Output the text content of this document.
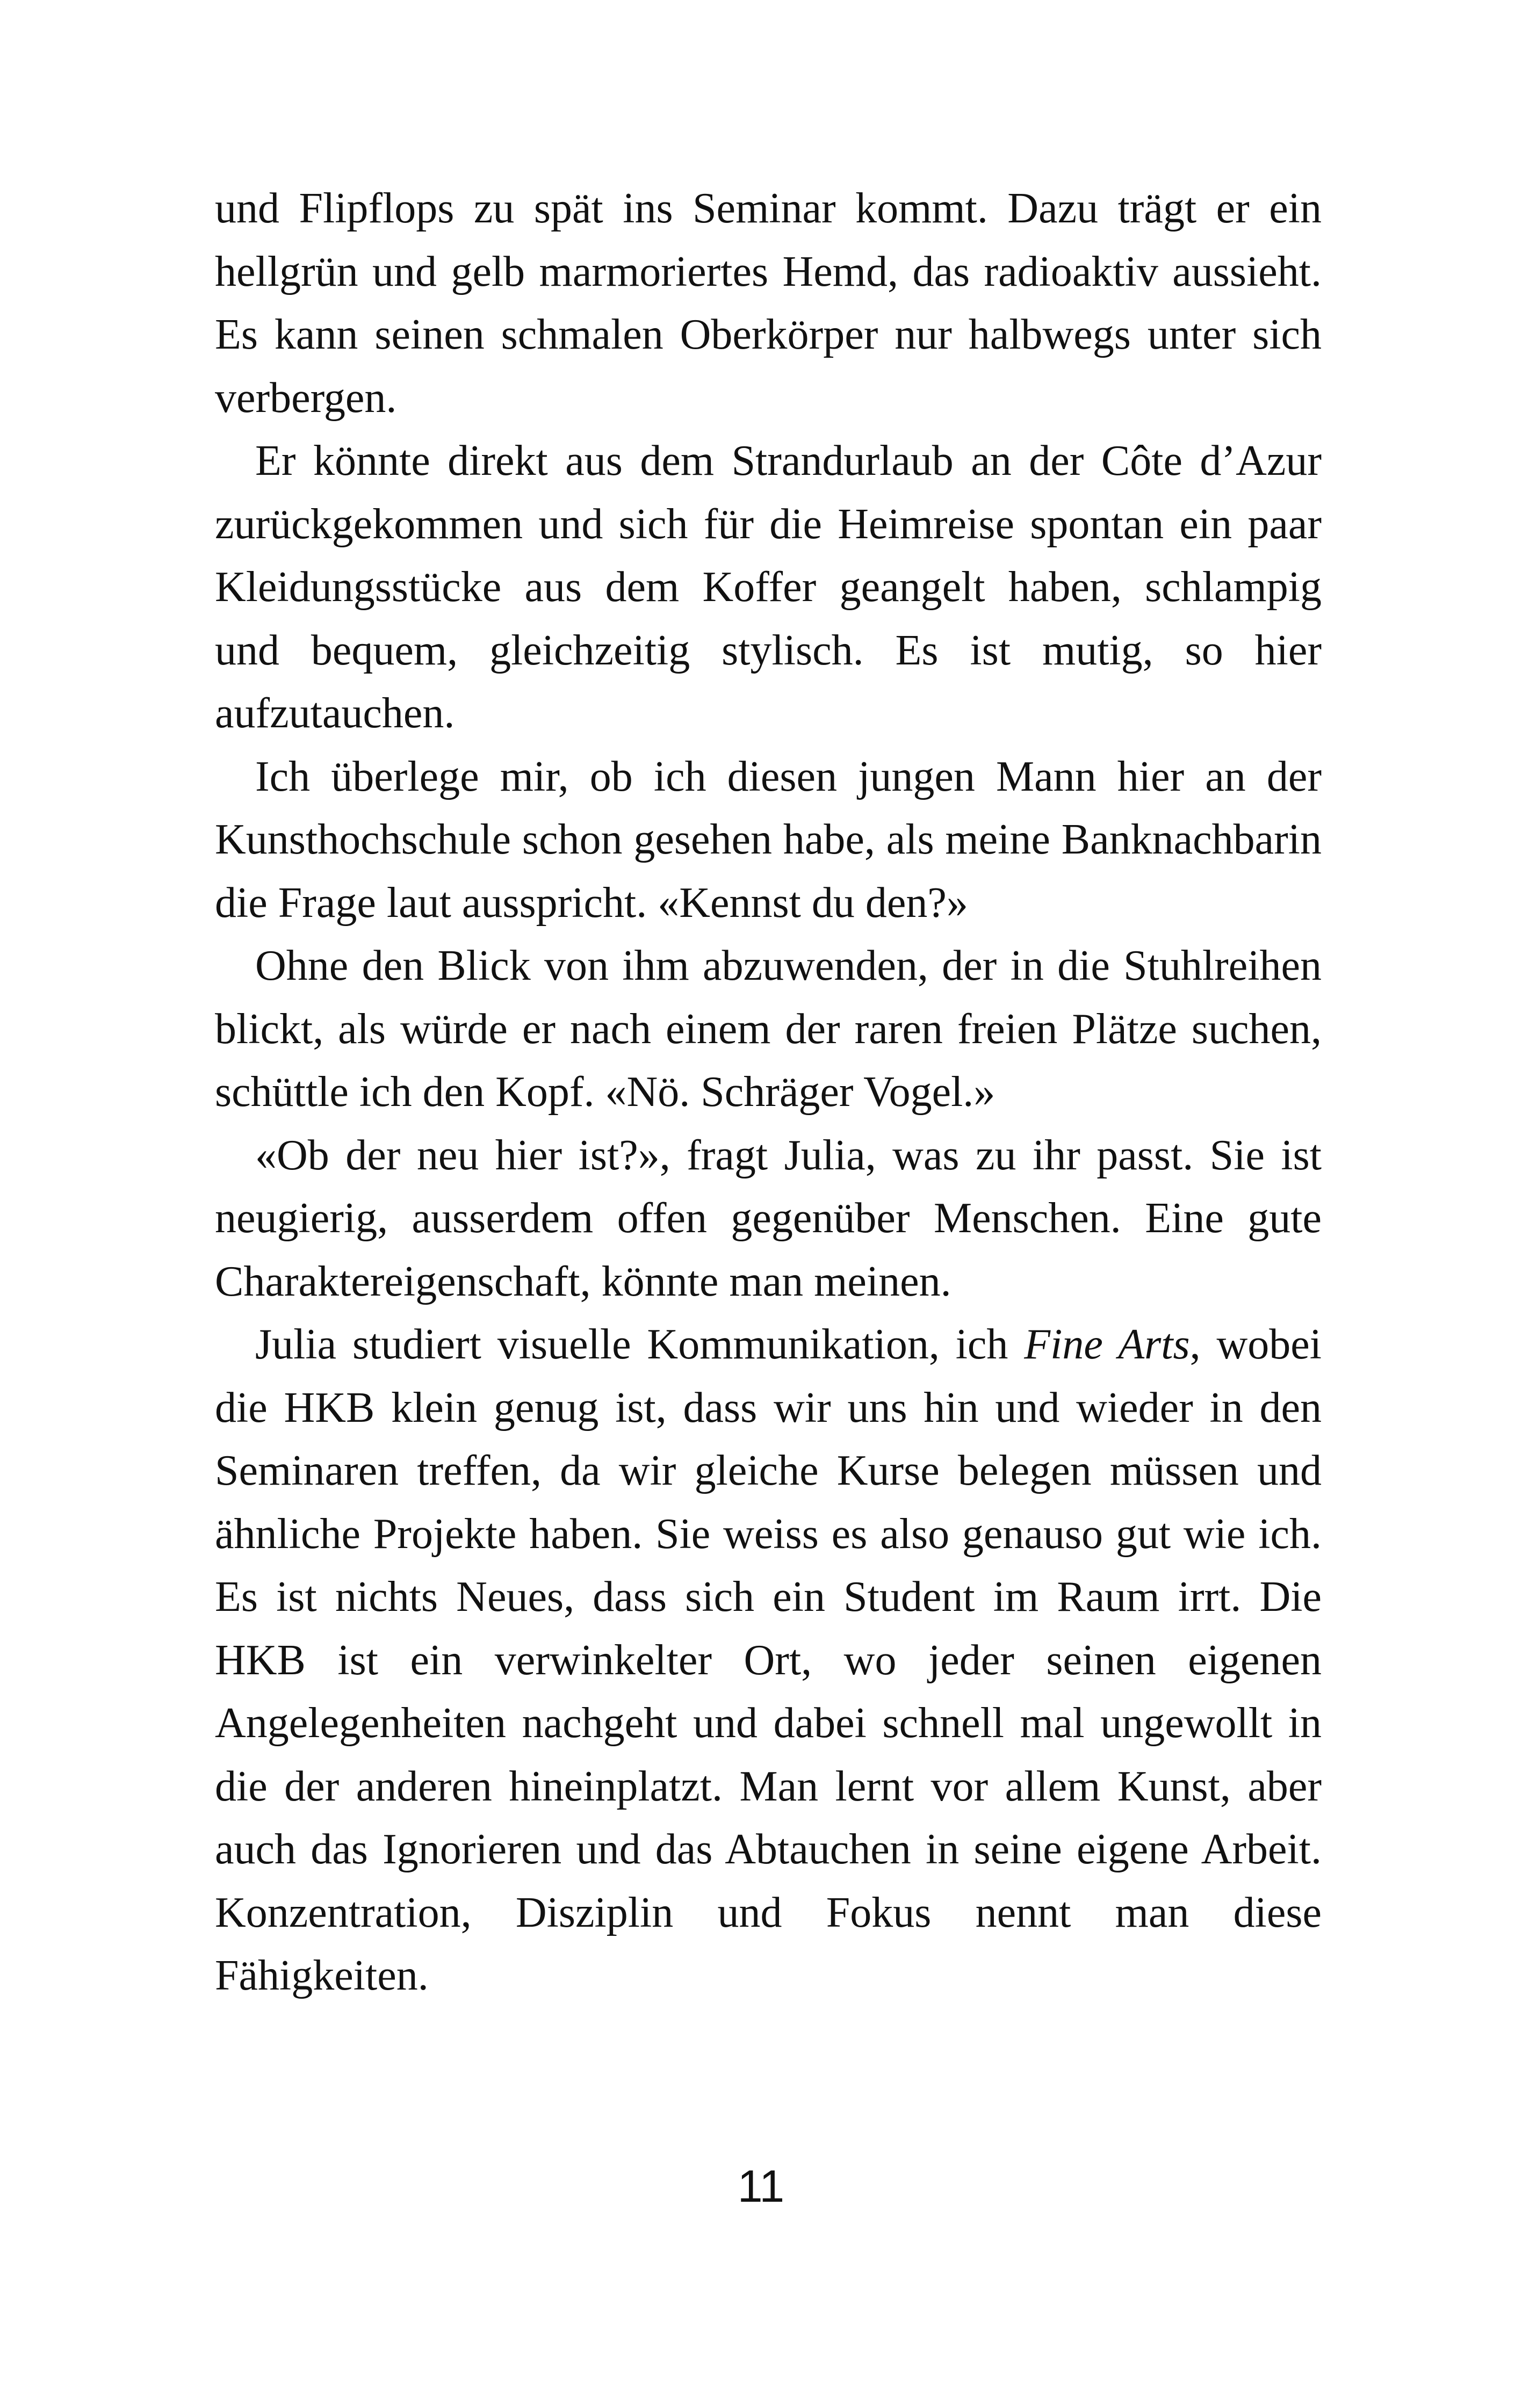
und Flipflops zu spät ins Seminar kommt. Dazu trägt er ein hellgrün und gelb marmoriertes Hemd, das radioaktiv aussieht. Es kann seinen schmalen Oberkörper nur halbwegs unter sich verbergen.

Er könnte direkt aus dem Strandurlaub an der Côte d’Azur zurückgekommen und sich für die Heimreise spontan ein paar Kleidungsstücke aus dem Koffer geangelt haben, schlampig und bequem, gleichzeitig stylisch. Es ist mutig, so hier aufzutauchen.

Ich überlege mir, ob ich diesen jungen Mann hier an der Kunsthochschule schon gesehen habe, als meine Banknachbarin die Frage laut ausspricht. «Kennst du den?»

Ohne den Blick von ihm abzuwenden, der in die Stuhlreihen blickt, als würde er nach einem der raren freien Plätze suchen, schüttle ich den Kopf. «Nö. Schräger Vogel.»

«Ob der neu hier ist?», fragt Julia, was zu ihr passt. Sie ist neugierig, ausserdem offen gegenüber Menschen. Eine gute Charaktereigenschaft, könnte man meinen.

Julia studiert visuelle Kommunikation, ich Fine Arts, wobei die HKB klein genug ist, dass wir uns hin und wieder in den Seminaren treffen, da wir gleiche Kurse belegen müssen und ähnliche Projekte haben. Sie weiss es also genauso gut wie ich. Es ist nichts Neues, dass sich ein Student im Raum irrt. Die HKB ist ein verwinkelter Ort, wo jeder seinen eigenen Angelegenheiten nachgeht und dabei schnell mal ungewollt in die der anderen hineinplatzt. Man lernt vor allem Kunst, aber auch das Ignorieren und das Abtauchen in seine eigene Arbeit. Konzentration, Disziplin und Fokus nennt man diese Fähigkeiten.

11
